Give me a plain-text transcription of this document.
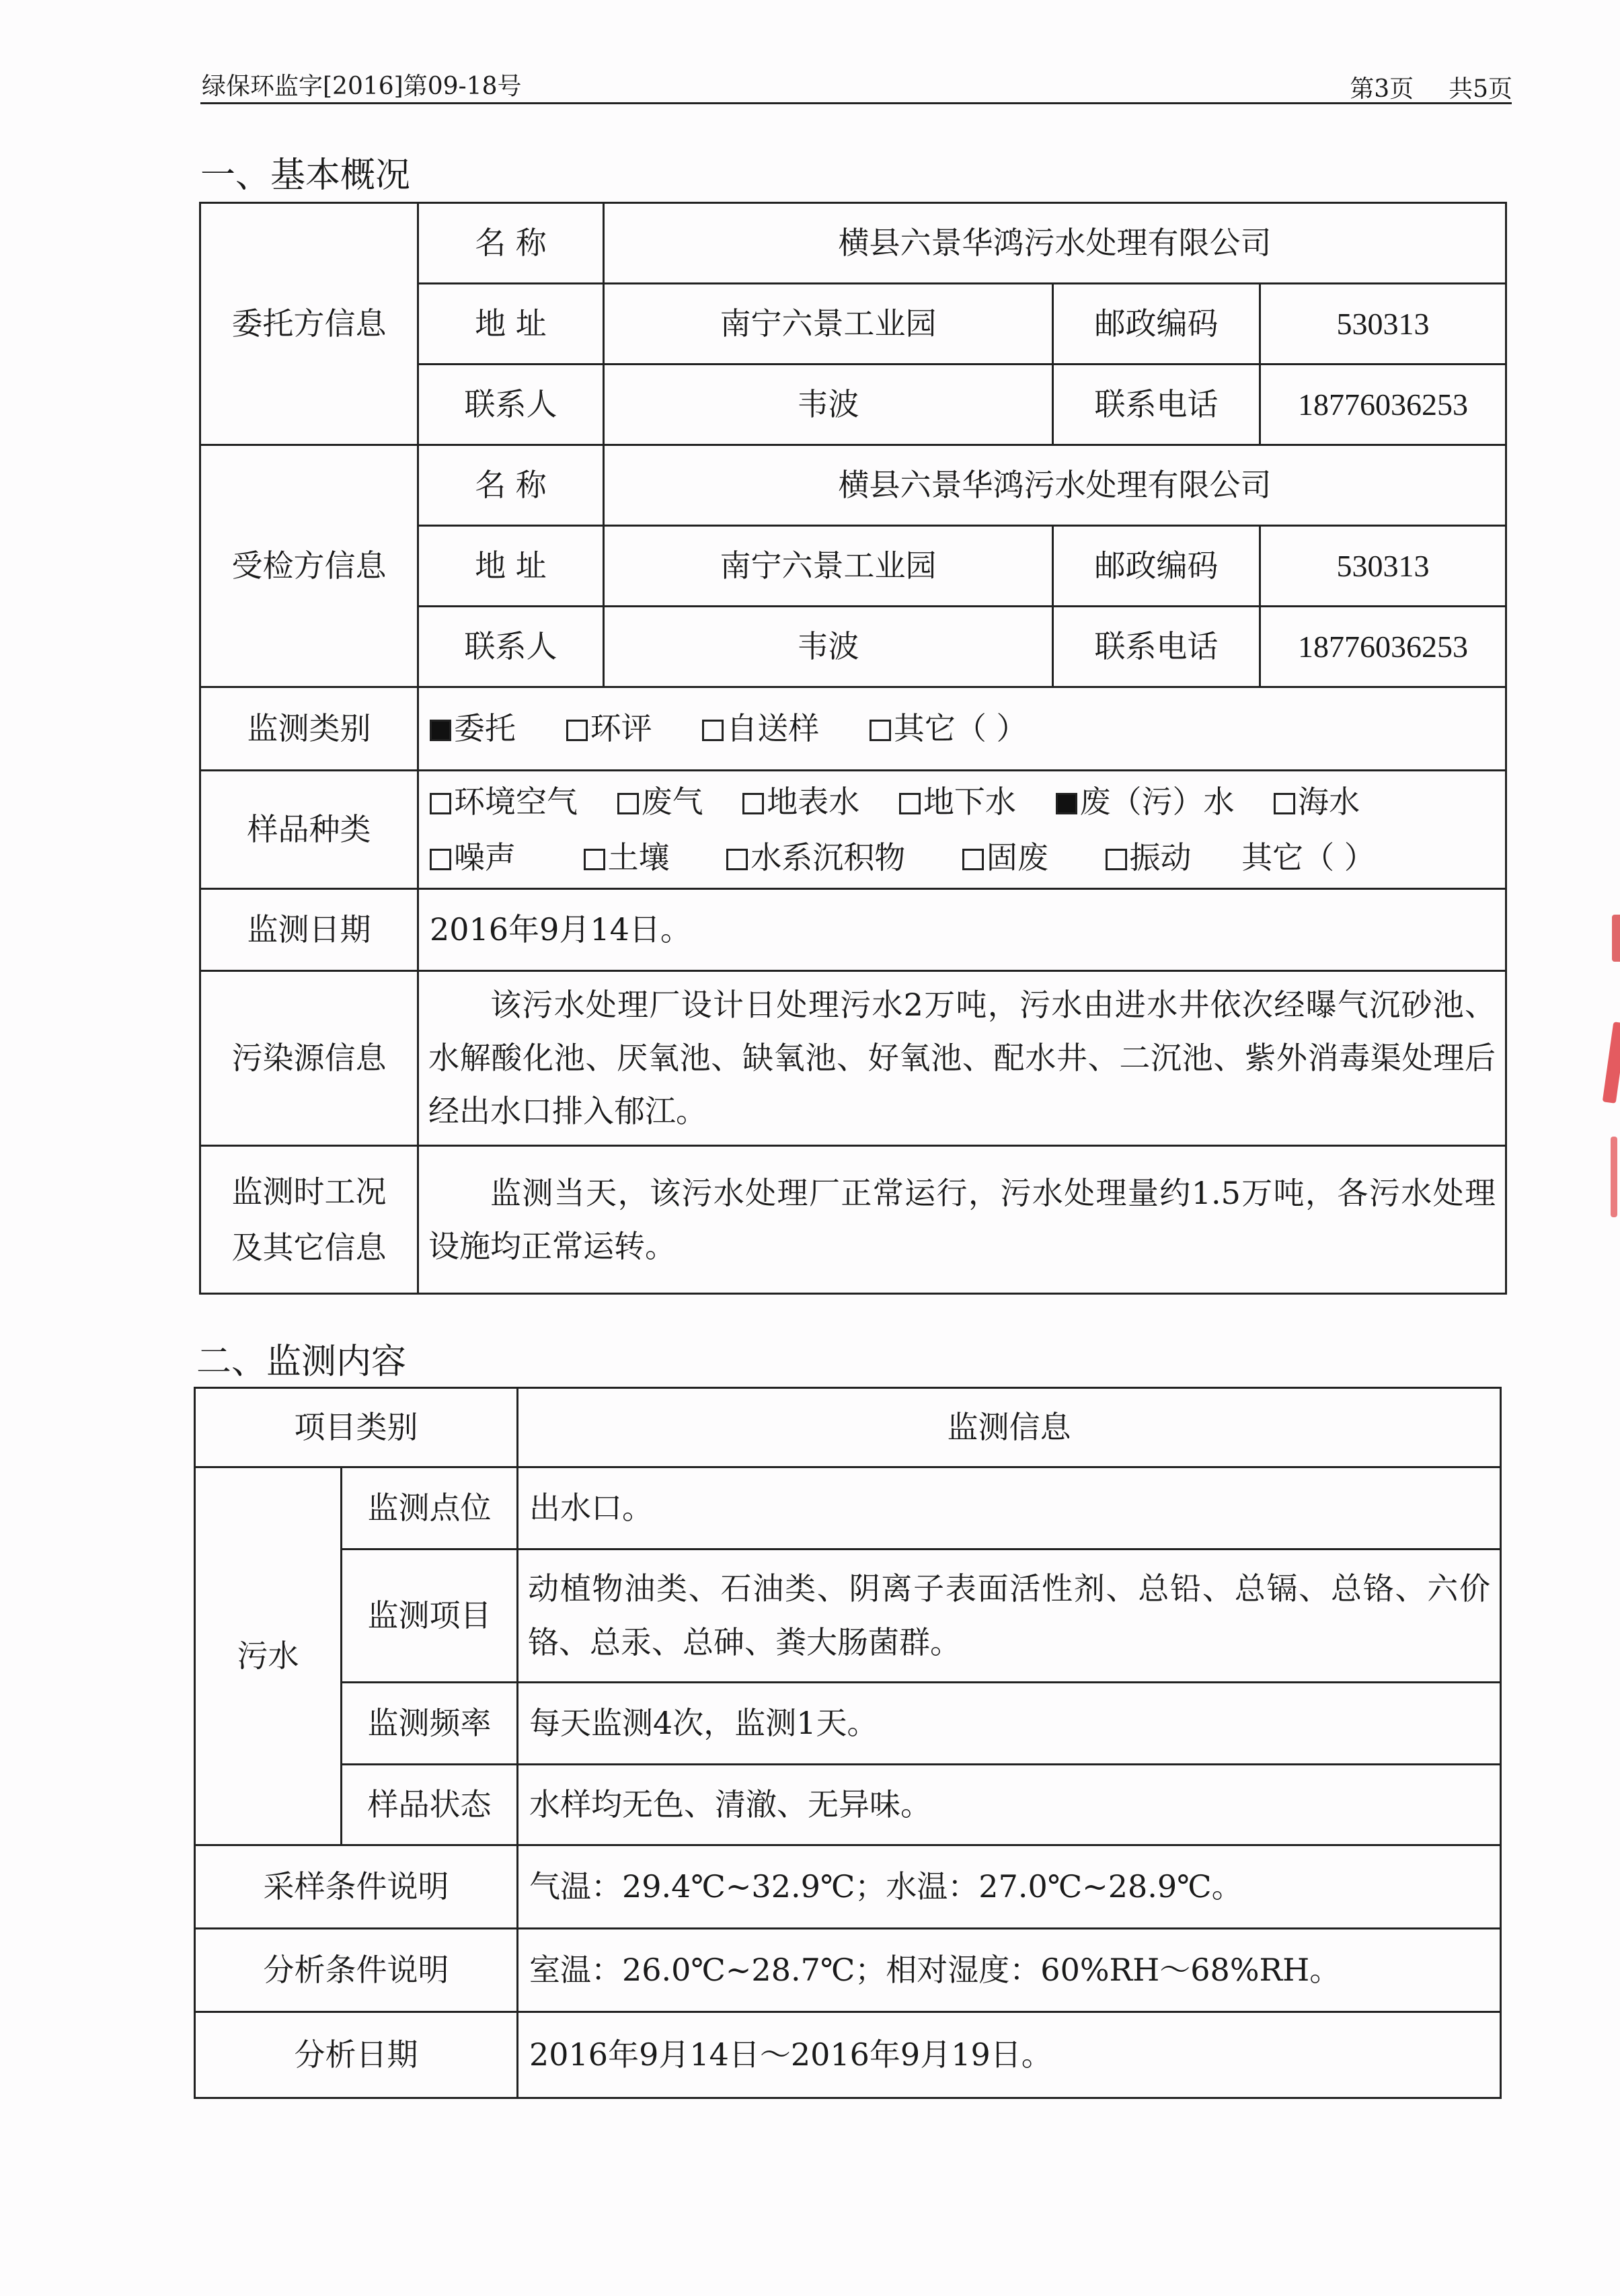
绿保环监字[2016]第09-18号	第3页 共5页
一、基本概况
委托方信息	名 称	横县六景华鸿污水处理有限公司		
	地 址	南宁六景工业园	邮政编码	530313
	联系人	韦波	联系电话	18776036253
受检方信息	名 称	横县六景华鸿污水处理有限公司		
	地 址	南宁六景工业园	邮政编码	530313
	联系人	韦波	联系电话	18776036253
监测类别	委托 环评 自送样 其它（ ）			
样品种类	环境空气 废气 地表水 地下水 废（污）水 海水
噪声 土壤 水系沉积物 固废 振动 其它（ ）			

监测日期	2016年9月14日。			
污染源信息	该污水处理厂设计日处理污水2万吨，污水由进水井依次经曝气沉砂池、水解酸化池、厌氧池、缺氧池、好氧池、配水井、二沉池、紫外消毒渠处理后经出水口排入郁江。			

监测时工况
及其它信息	监测当天，该污水处理厂正常运行，污水处理量约1.5万吨，各污水处理设施均正常运转。			
二、监测内容
项目类别		监测信息
污水	监测点位	出水口。
	监测项目	动植物油类、石油类、阴离子表面活性剂、总铅、总镉、总铬、六价铬、总汞、总砷、粪大肠菌群。
	监测频率	每天监测4次，监测1天。
	样品状态	水样均无色、清澈、无异味。
采样条件说明		气温：29.4℃~32.9℃；水温：27.0℃~28.9℃。
分析条件说明		室温：26.0℃~28.7℃；相对湿度：60%RH～68%RH。
分析日期		2016年9月14日～2016年9月19日。
